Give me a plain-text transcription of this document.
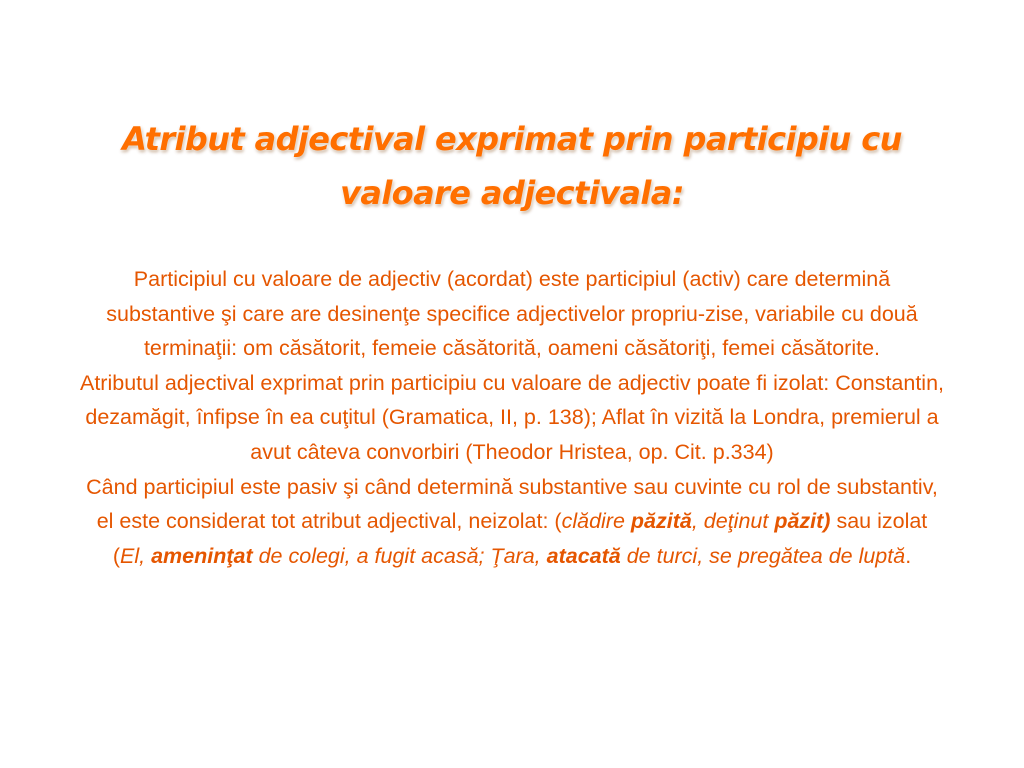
Atribut adjectival exprimat prin participiu cu valoare adjectivala:

Participiul cu valoare de adjectiv (acordat) este participiul (activ) care determină substantive şi care are desinenţe specifice adjectivelor propriu-zise, variabile cu două terminaţii: om căsătorit, femeie căsătorită, oameni căsătoriţi, femei căsătorite.

Atributul adjectival exprimat prin participiu cu valoare de adjectiv poate fi izolat: Constantin, dezamăgit, înfipse în ea cuţitul (Gramatica, II, p. 138); Aflat în vizită la Londra, premierul a avut câteva convorbiri (Theodor Hristea, op. Cit. p.334)

Când participiul este pasiv şi când determină substantive sau cuvinte cu rol de substantiv, el este considerat tot atribut adjectival, neizolat: (clădire păzită, deţinut păzit) sau izolat (El, ameninţat de colegi, a fugit acasă; Ţara, atacată de turci, se pregătea de luptă.
